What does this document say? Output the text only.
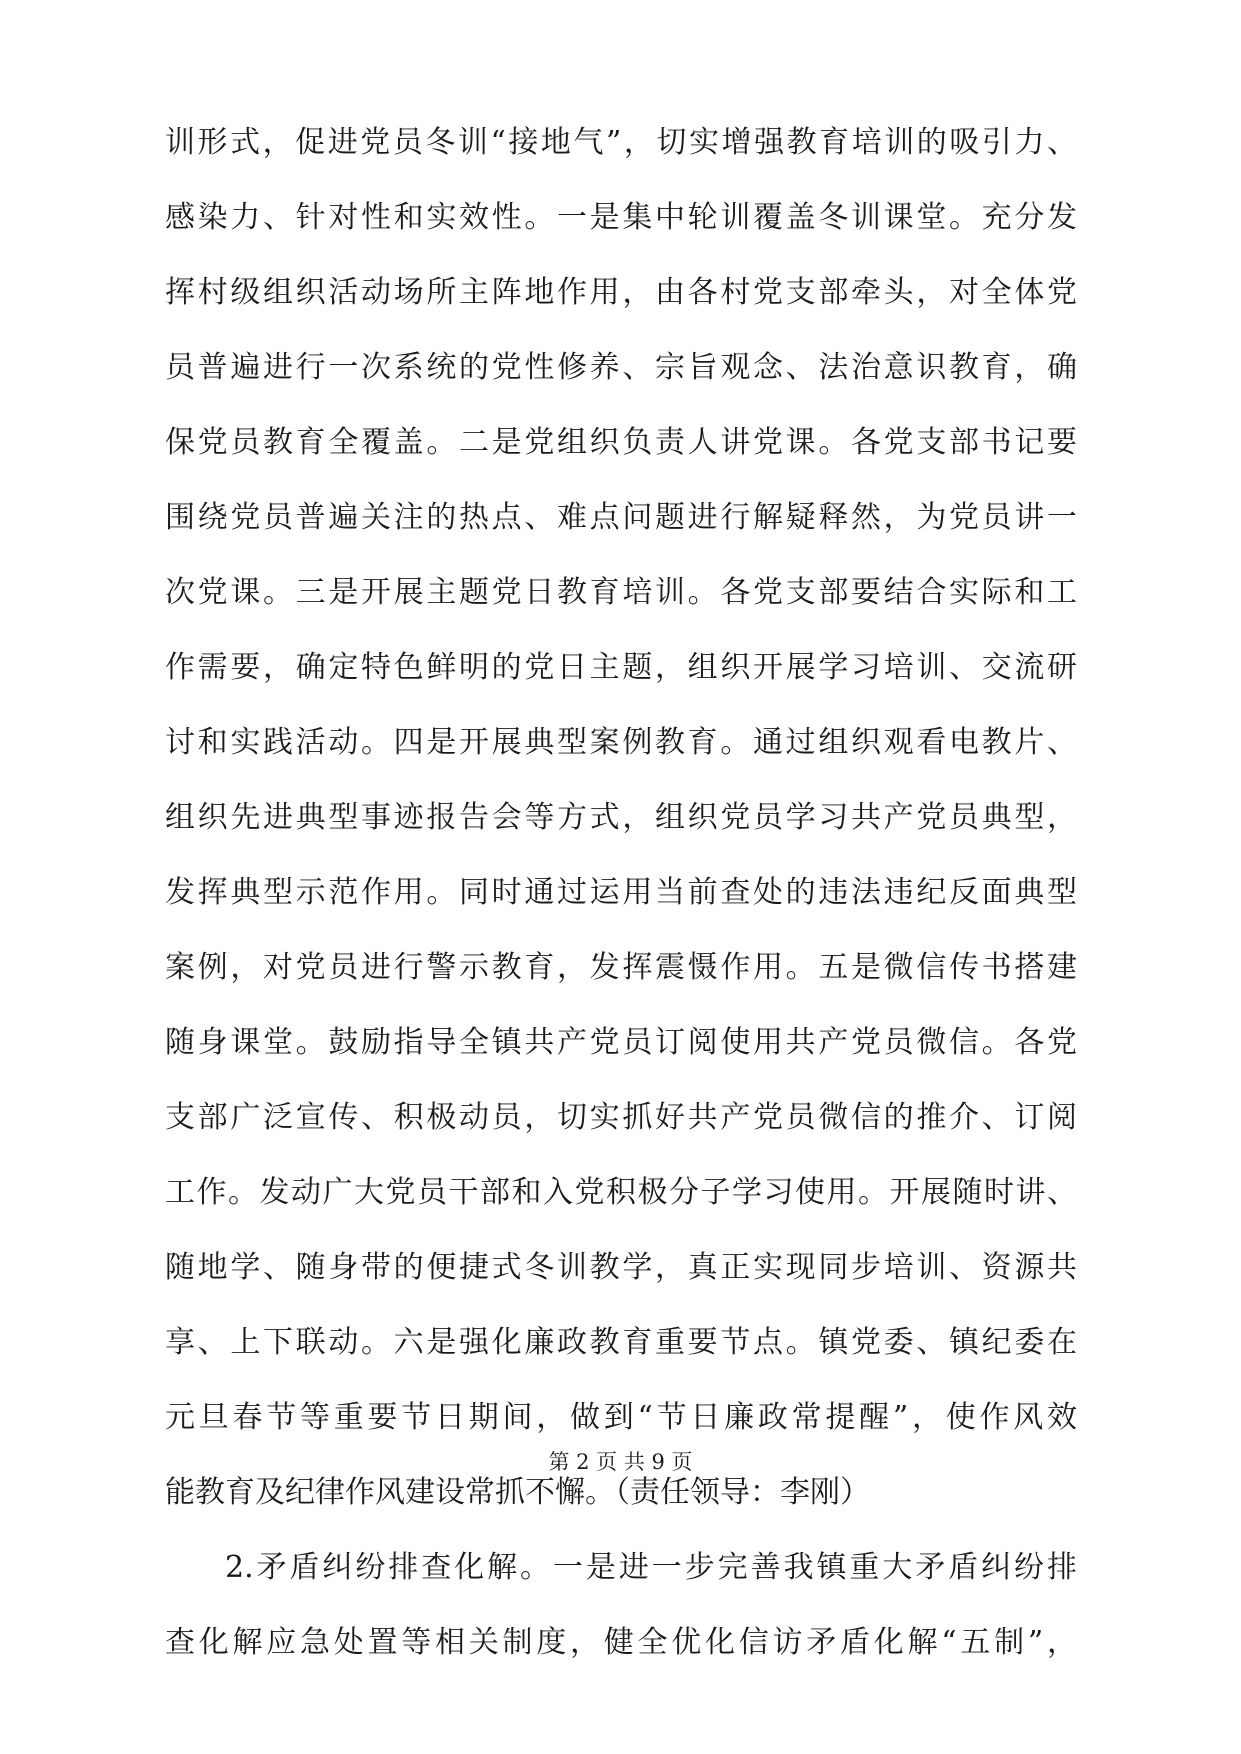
训形式，促进党员冬训“接地气”，切实增强教育培训的吸引力、
感染力、针对性和实效性。一是集中轮训覆盖冬训课堂。充分发
挥村级组织活动场所主阵地作用，由各村党支部牵头，对全体党
员普遍进行一次系统的党性修养、宗旨观念、法治意识教育，确
保党员教育全覆盖。二是党组织负责人讲党课。各党支部书记要
围绕党员普遍关注的热点、难点问题进行解疑释然，为党员讲一
次党课。三是开展主题党日教育培训。各党支部要结合实际和工
作需要，确定特色鲜明的党日主题，组织开展学习培训、交流研
讨和实践活动。四是开展典型案例教育。通过组织观看电教片、
组织先进典型事迹报告会等方式，组织党员学习共产党员典型，
发挥典型示范作用。同时通过运用当前查处的违法违纪反面典型
案例，对党员进行警示教育，发挥震慑作用。五是微信传书搭建
随身课堂。鼓励指导全镇共产党员订阅使用共产党员微信。各党
支部广泛宣传、积极动员，切实抓好共产党员微信的推介、订阅
工作。发动广大党员干部和入党积极分子学习使用。开展随时讲、
随地学、随身带的便捷式冬训教学，真正实现同步培训、资源共
享、上下联动。六是强化廉政教育重要节点。镇党委、镇纪委在
元旦春节等重要节日期间，做到“节日廉政常提醒”，使作风效
能教育及纪律作风建设常抓不懈。（责任领导：李刚）
2.矛盾纠纷排查化解。一是进一步完善我镇重大矛盾纠纷排
查化解应急处置等相关制度，健全优化信访矛盾化解“五制”，
第 2 页 共 9 页
